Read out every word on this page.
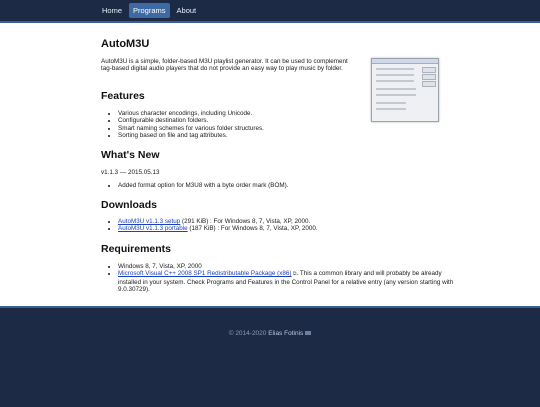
Home	Programs	About
AutoM3U

AutoM3U is a simple, folder-based M3U playlist generator. It can be used to complement tag-based digital audio players that do not provide an easy way to play music by folder.

Features
• Various character encodings, including Unicode.
• Configurable destination folders.
• Smart naming schemes for various folder structures.
• Sorting based on file and tag attributes.
What's New

v1.1.3 — 2015.05.13

• Added format option for M3U8 with a byte order mark (BOM).
Downloads
• AutoM3U v1.1.3 setup (291 KiB) : For Windows 8, 7, Vista, XP, 2000.
• AutoM3U v1.1.3 portable (187 KiB) : For Windows 8, 7, Vista, XP, 2000.
Requirements
• Windows 8, 7, Vista, XP, 2000
• Microsoft Visual C++ 2008 SP1 Redistributable Package (x86) ⧉. This a common library and will probably be already installed in your system. Check Programs and Features in the Control Panel for a relative entry (any version starting with 9.0.30729).
© 2014-2020 Elias Fotinis
